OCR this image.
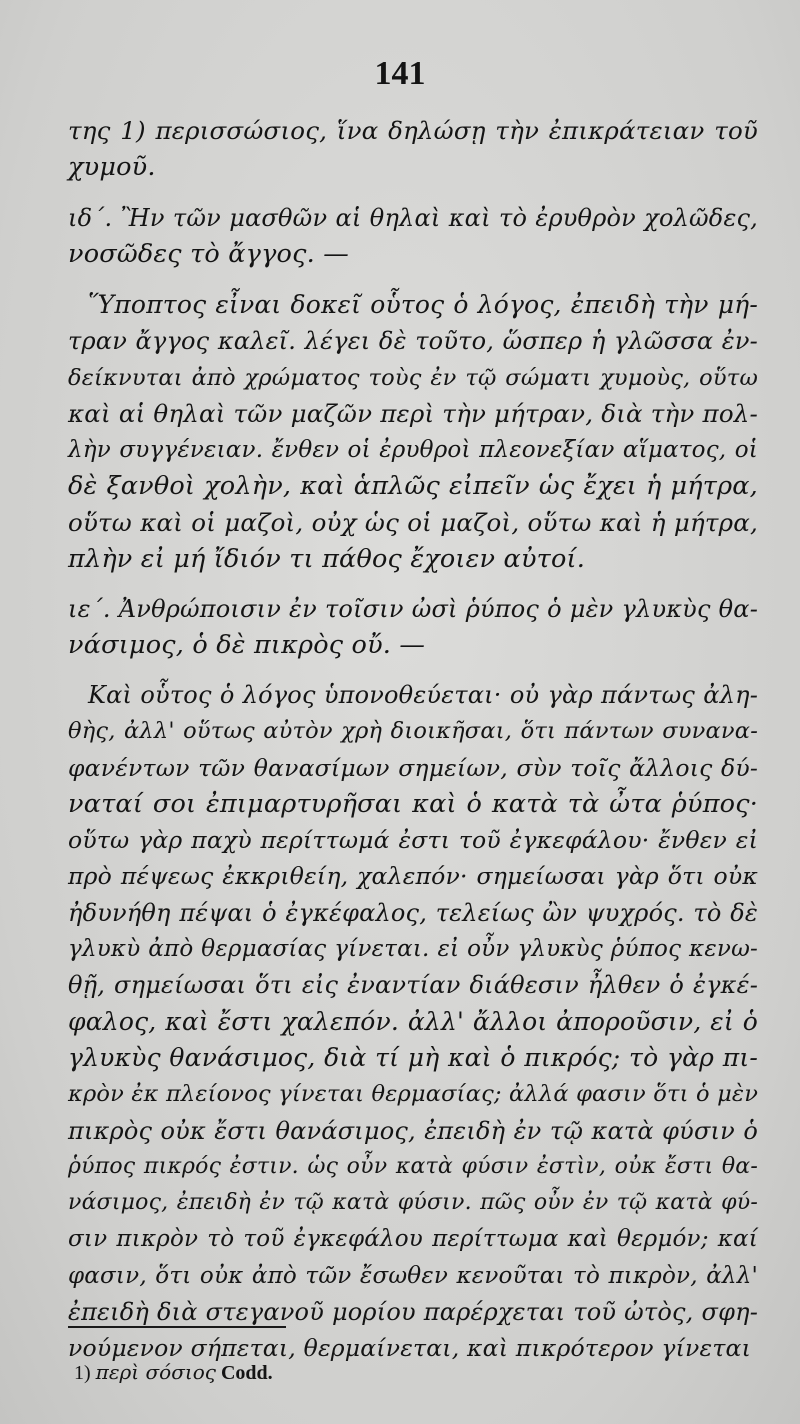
141
της 1) περισσώσιος, ἵνα δηλώσῃ τὴν ἐπικράτειαν τοῦ
χυμοῦ.
ιδ΄. Ἢν τῶν μασθῶν αἱ θηλαὶ καὶ τὸ ἐρυθρὸν χολῶδες,
νοσῶδες τὸ ἄγγος. —
Ὕποπτος εἶναι δοκεῖ οὗτος ὁ λόγος, ἐπειδὴ τὴν μή-
τραν ἄγγος καλεῖ. λέγει δὲ τοῦτο, ὥσπερ ἡ γλῶσσα ἐν-
δείκνυται ἀπὸ χρώματος τοὺς ἐν τῷ σώματι χυμοὺς, οὕτω
καὶ αἱ θηλαὶ τῶν μαζῶν περὶ τὴν μήτραν, διὰ τὴν πολ-
λὴν συγγένειαν. ἔνθεν οἱ ἐρυθροὶ πλεονεξίαν αἵματος, οἱ
δὲ ξανθοὶ χολὴν, καὶ ἁπλῶς εἰπεῖν ὡς ἔχει ἡ μήτρα,
οὕτω καὶ οἱ μαζοὶ, οὐχ ὡς οἱ μαζοὶ, οὕτω καὶ ἡ μήτρα,
πλὴν εἰ μή ἴδιόν τι πάθος ἔχοιεν αὐτοί.
ιε΄. Ἀνθρώποισιν ἐν τοῖσιν ὠσὶ ῥύπος ὁ μὲν γλυκὺς θα-
νάσιμος, ὁ δὲ πικρὸς οὔ. —
Καὶ οὗτος ὁ λόγος ὑπονοθεύεται· οὐ γὰρ πάντως ἀλη-
θὴς, ἀλλ' οὕτως αὐτὸν χρὴ διοικῆσαι, ὅτι πάντων συνανα-
φανέντων τῶν θανασίμων σημείων, σὺν τοῖς ἄλλοις δύ-
ναταί σοι ἐπιμαρτυρῆσαι καὶ ὁ κατὰ τὰ ὦτα ῥύπος·
οὕτω γὰρ παχὺ περίττωμά ἐστι τοῦ ἐγκεφάλου· ἔνθεν εἰ
πρὸ πέψεως ἐκκριθείη, χαλεπόν· σημείωσαι γὰρ ὅτι οὐκ
ἠδυνήθη πέψαι ὁ ἐγκέφαλος, τελείως ὢν ψυχρός. τὸ δὲ
γλυκὺ ἀπὸ θερμασίας γίνεται. εἰ οὖν γλυκὺς ῥύπος κενω-
θῇ, σημείωσαι ὅτι εἰς ἐναντίαν διάθεσιν ἦλθεν ὁ ἐγκέ-
φαλος, καὶ ἔστι χαλεπόν. ἀλλ' ἄλλοι ἀποροῦσιν, εἰ ὁ
γλυκὺς θανάσιμος, διὰ τί μὴ καὶ ὁ πικρός; τὸ γὰρ πι-
κρὸν ἐκ πλείονος γίνεται θερμασίας; ἀλλά φασιν ὅτι ὁ μὲν
πικρὸς οὐκ ἔστι θανάσιμος, ἐπειδὴ ἐν τῷ κατὰ φύσιν ὁ
ῥύπος πικρός ἐστιν. ὡς οὖν κατὰ φύσιν ἐστὶν, οὐκ ἔστι θα-
νάσιμος, ἐπειδὴ ἐν τῷ κατὰ φύσιν. πῶς οὖν ἐν τῷ κατὰ φύ-
σιν πικρὸν τὸ τοῦ ἐγκεφάλου περίττωμα καὶ θερμόν; καί
φασιν, ὅτι οὐκ ἀπὸ τῶν ἔσωθεν κενοῦται τὸ πικρὸν, ἀλλ'
ἐπειδὴ διὰ στεγανοῦ μορίου παρέρχεται τοῦ ὠτὸς, σφη-
νούμενον σήπεται, θερμαίνεται, καὶ πικρότερον γίνεται
1) περὶ σόσιος Codd.
